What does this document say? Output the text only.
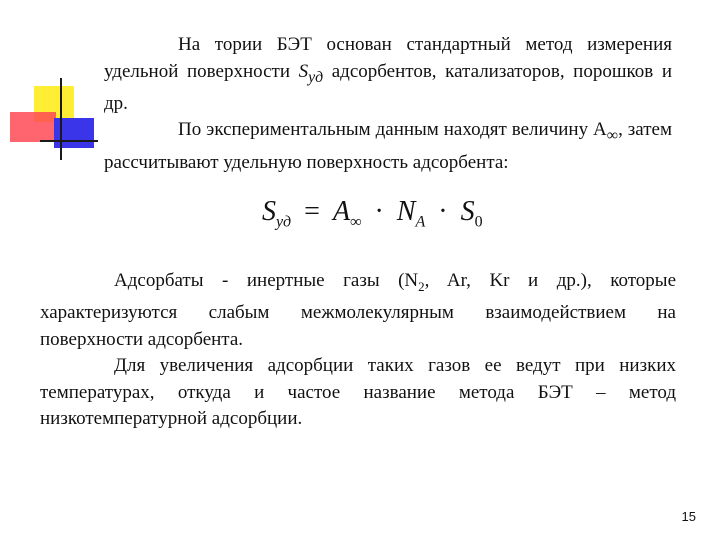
На тории БЭТ основан стандартный метод измерения удельной поверхности $S_{уд}$ адсорбентов, катализаторов, порошков и др.
По экспериментальным данным находят величину $A_\infty$, затем рассчитывают удельную поверхность адсорбента:

$S_{уд} = A_\infty \cdot N_A \cdot S_0$

Адсорбаты - инертные газы ($N_2$, Ar, Kr и др.), которые характеризуются слабым межмолекулярным взаимодействием на поверхности адсорбента.
Для увеличения адсорбции таких газов ее ведут при низких температурах, откуда и частое название метода БЭТ – метод низкотемпературной адсорбции.

15
